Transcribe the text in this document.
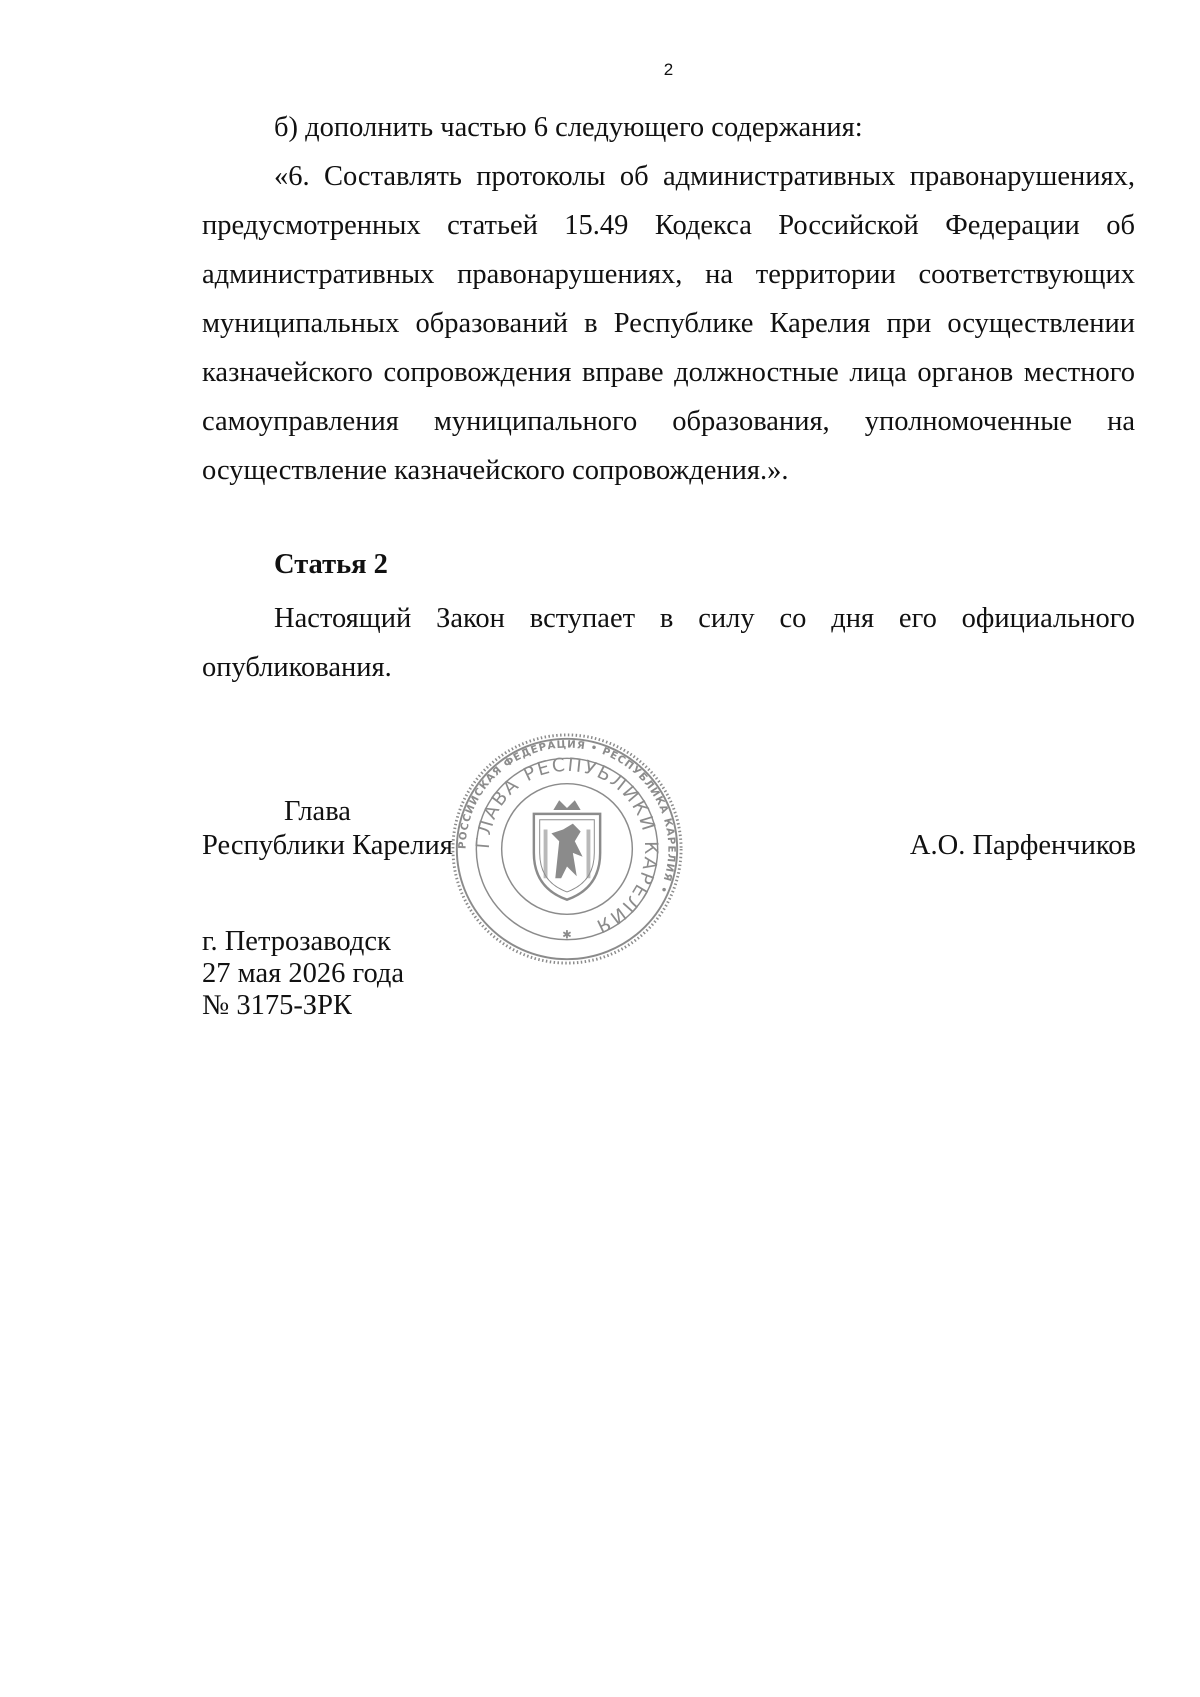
2

б) дополнить частью 6 следующего содержания:

«6. Составлять протоколы об административных правонарушениях, предусмотренных статьей 15.49 Кодекса Российской Федерации об административных правонарушениях, на территории соответствующих муниципальных образований в Республике Карелия при осуществлении казначейского сопровождения вправе должностные лица органов местного самоуправления муниципального образования, уполномоченные на осуществление казначейского сопровождения.».

Статья 2

Настоящий Закон вступает в силу со дня его официального опубликования.

Глава
Республики Карелия	А.О. Парфенчиков
РОССИЙСКАЯ ФЕДЕРАЦИЯ • РЕСПУБЛИКА КАРЕЛИЯ •
ГЛАВА РЕСПУБЛИКИ КАРЕЛИЯ
✱
г. Петрозаводск
27 мая 2026 года
№ 3175-ЗРК
